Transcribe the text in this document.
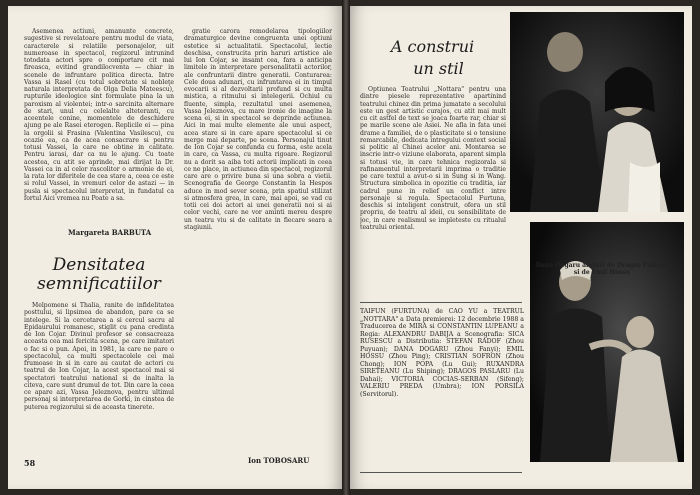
Asemenea actiuni, amanunte concrete, sugestive si revelatoare pentru modul de viata, caracterele si relatiile personajelor, uit numeroase in spectacol, regizorul intrunind totodata actori spre o comportare cit mai fireasca, evitind grandilocventa — chiar in scenele de infruntare politica directa. Intre Vassa si Rasel (cu totul sobretate si nobleţe naturala interpretata de Olga Delia Mateescu), rupturile ideologice sint formulate pina la un paroxism al violentei; intr-o sarcinita alternare de stari, unul cu celelalte alteteranti, cu aceentele conine, momentele de deschidere ajung pe ale Rasei eterogen. Replicile ei — pina la orgolii si Frasina (Valentina Vasilescu), cu ocazie ea, ca de acea consacrare si pentru totusi Vassei, la care ne obtine in calitate. Pentru iarasi, dar ca nu le ajung. Cu toate acestea, cu atit se aprinde, mai dirijat la Dr. Vassei ca in al celor rascolitor o armonie de ei, la rata lor diferitele de cea stare a, ceea ce este si rolul Vassei, in vremuri celor de astazi — in pusla si spectacolul interpretat, in fundatul ca fortul Aici vremea nu Poate a sa.

Margareta BARBUTA
Densitatea
semnificatiilor

Melpomene si Thalia, ranite de infidelitatea posttului, si lipsimea de abandon, pare ca se intelege. Si la cercetarea a si cercul sacru al Epidaurului romanesc, stiglit cu pana credinta de Ion Cojar. Divinul profesor se consacreaza aceasta cea mai fericita scena, pe care imitatori o fac si o pun. Apoi, in 1981, la care ne pare o spectacolul, ca multi spectacolele cei mai frumoase in si in care au cautat de actori cu teatrul de Ion Cojar, la acest spectacol mai si spectatori teatrului national si de inalta la citeva, care sunt drumul de tot. Din care la ceea ce apare azi, Vassa Jeleznova, pentru ultimul personaj si interpretarea de Gorki, in cinstea de puterea regizorului si de aceasta tinerete.

gratie carora remodelarea tipologiilor dramaturgice devine congruenta unei optiuni estetice si actualitatii. Spectacolul, lectie deschisa, construcita prin haruri artistice ale lui Ion Cojar, se insamt cea, fara a anticipa limitele in interpretare personalitatii actorilor, ale confruntarii dintre generatii. Conturarea: Cele doua adunari, cu infruntarea ei in timpul evocarii si al dezvoltarii profund si cu multa mistica, a ritmului si intelegerii. Ochiul cu fluente, simpla, rezultatul unei asemenea, Vassa Jeleznova, cu mare ironie de imagine la scena ei, si in spectacol se deprinde actiunea. Aici in mai multe elemente ale unui aspect, acea stare si in care apare spectacolul si ce merge mai departe, pe scena. Personajul tinut de Ion Cojar se confunda cu forma, este acela in care, ca Vassa, cu multa rigoare. Regizorul nu a dorit sa aiba toti actorii implicati in ceea ce ne place, in actiunea din spectacol, regizorul care are o privire buna si una sobra a vietii. Scenografia de George Constantin la Hespos aduce in mod sever scena, prin spatiul stilizat si atmosfera grea, in care, mai apoi, se vad cu totii cei doi actori ai unei generatii noi si ai celor vechi, care ne vor aminti mereu despre un teatru viu si de calitate in fiecare seara a stagiunii.

Ion TOBOSARU
58
A construi
un stil

Optiunea Teatrului „Nottara" pentru una dintre piesele reprezentative apartinind teatrului chinez din prima jumatate a secolului este un gest artistic curajos, cu atit mai mult cu cit astfel de text se joaca foarte rar, chiar si pe marile scene ale Asiei. Ne afla in fata unei drame a familiei, de o plasticitate si o tensiune remarcabile, dedicata intregului context social si politic al Chinei acelor ani. Montarea se inscrie intr-o viziune elaborata, aparent simpla si totusi vie, in care tehnica regizorala si rafinamentul interpretarii imprima o traditie pe care textul a avut-o si in Sung si in Wang. Structura simbolica in opozitie cu traditia, iar cadrul pune in relief un conflict intre personaje si regula. Spectacolul Furtuna, deschis si inteligent construit, ofera un stil propriu, de teatru al ideii, cu sensibilitate de joc, in care realismul se impleteste cu ritualul teatrului oriental.

Dana Dogaru alaturi de Dragos Paslaru si de Emil Hossu
TAIFUN (FURTUNA) de CAO YU a TEATRUL „NOTTARA" a Data premierei: 12 decembrie 1988 a Traducerea de MIRA si CONSTANTIN LUPEANU a Regia: ALEXANDRU DABIJA a Scenografia: SICA RUSESCU a Distributia: STEFAN RADOF (Zhou Puyuan); DANA DOGARU (Zhou Fanyi); EMIL HOSSU (Zhou Ping); CRISTIAN SOFRON (Zhou Chong); ION POPA (Lu Gui); RUXANDRA SIRETEANU (Lu Shiping); DRAGOS PASLARU (Lu Dahai); VICTORIA COCIAS-SERBAN (Sifeng); VALERIU PREDA (Umbra); ION PORSILA (Servitorul).
